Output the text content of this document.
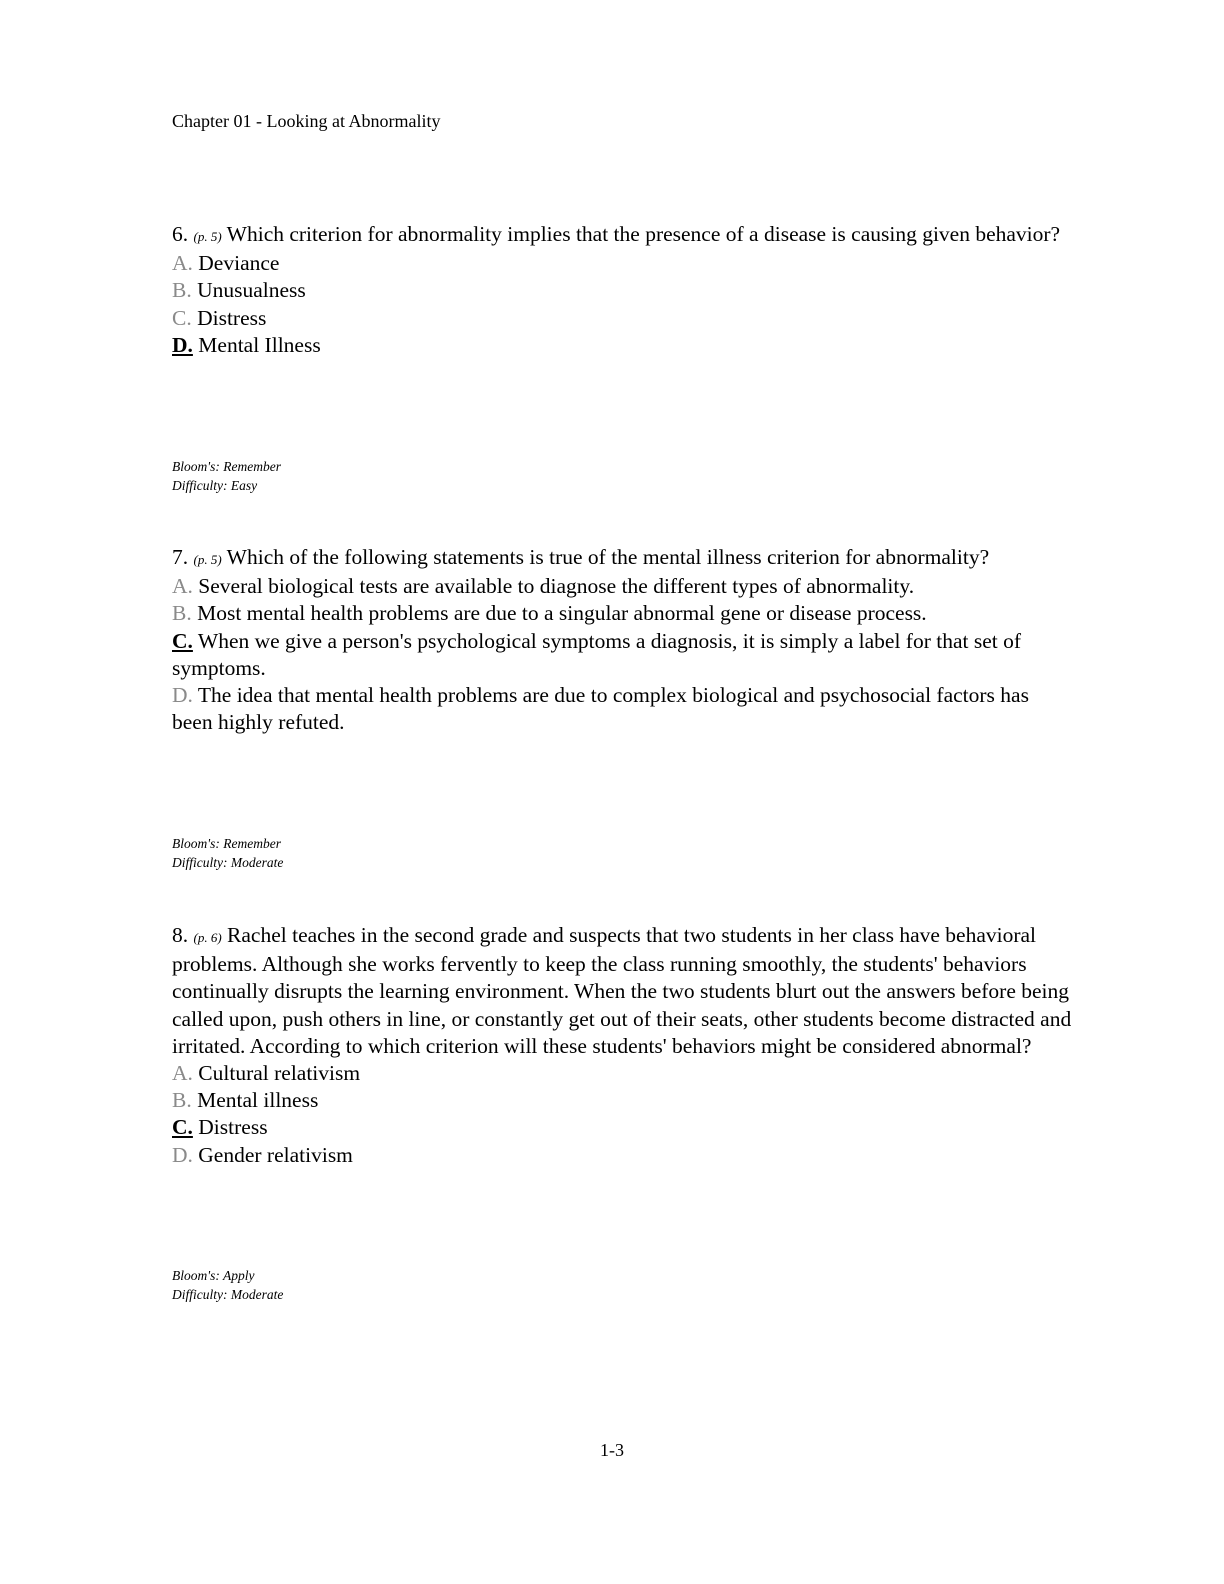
Chapter 01 - Looking at Abnormality

6. (p. 5) Which criterion for abnormality implies that the presence of a disease is causing given behavior?

A. Deviance

B. Unusualness

C. Distress

D. Mental Illness

Bloom's: Remember
Difficulty: Easy

7. (p. 5) Which of the following statements is true of the mental illness criterion for abnormality?

A. Several biological tests are available to diagnose the different types of abnormality.

B. Most mental health problems are due to a singular abnormal gene or disease process.

C. When we give a person's psychological symptoms a diagnosis, it is simply a label for that set of symptoms.

D. The idea that mental health problems are due to complex biological and psychosocial factors has been highly refuted.

Bloom's: Remember
Difficulty: Moderate

8. (p. 6) Rachel teaches in the second grade and suspects that two students in her class have behavioral problems. Although she works fervently to keep the class running smoothly, the students' behaviors continually disrupts the learning environment. When the two students blurt out the answers before being called upon, push others in line, or constantly get out of their seats, other students become distracted and irritated. According to which criterion will these students' behaviors might be considered abnormal?

A. Cultural relativism

B. Mental illness

C. Distress

D. Gender relativism

Bloom's: Apply
Difficulty: Moderate
1-3
